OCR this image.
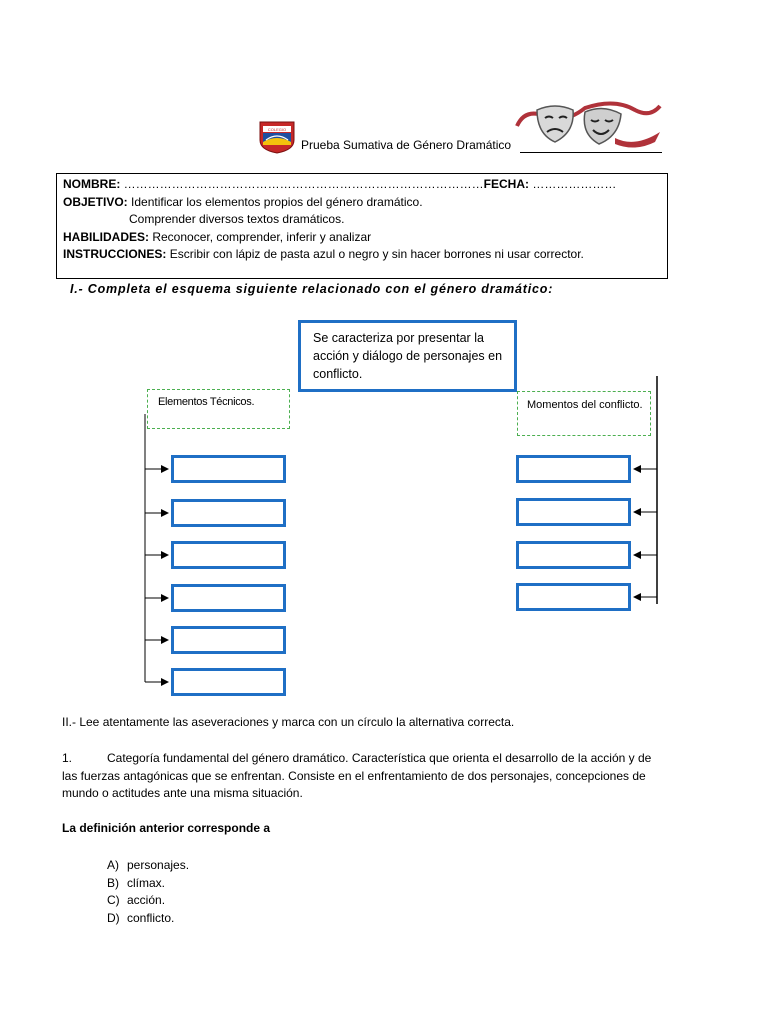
COLEGIO
Prueba Sumativa de Género Dramático
NOMBRE: ………………………………………………………………………………FECHA: …………………
OBJETIVO: Identificar los elementos propios del género dramático.
Comprender diversos textos dramáticos.
HABILIDADES: Reconocer, comprender, inferir y analizar
INSTRUCCIONES: Escribir con lápiz de pasta azul o negro y sin hacer borrones ni usar corrector.
I.- Completa el esquema siguiente relacionado con el género dramático:
Se caracteriza por presentar la acción y diálogo de personajes en conflicto.
Elementos Técnicos.	Momentos del conflicto.
II.- Lee atentamente las aseveraciones y marca con un círculo la alternativa correcta.
1.	Categoría fundamental del género dramático. Característica que orienta el desarrollo de la acción y de las fuerzas antagónicas que se enfrentan. Consiste en el enfrentamiento de dos personajes, concepciones de mundo o actitudes ante una misma situación.
La definición anterior corresponde a
A) personajes.
B) clímax.
C) acción.
D) conflicto.
